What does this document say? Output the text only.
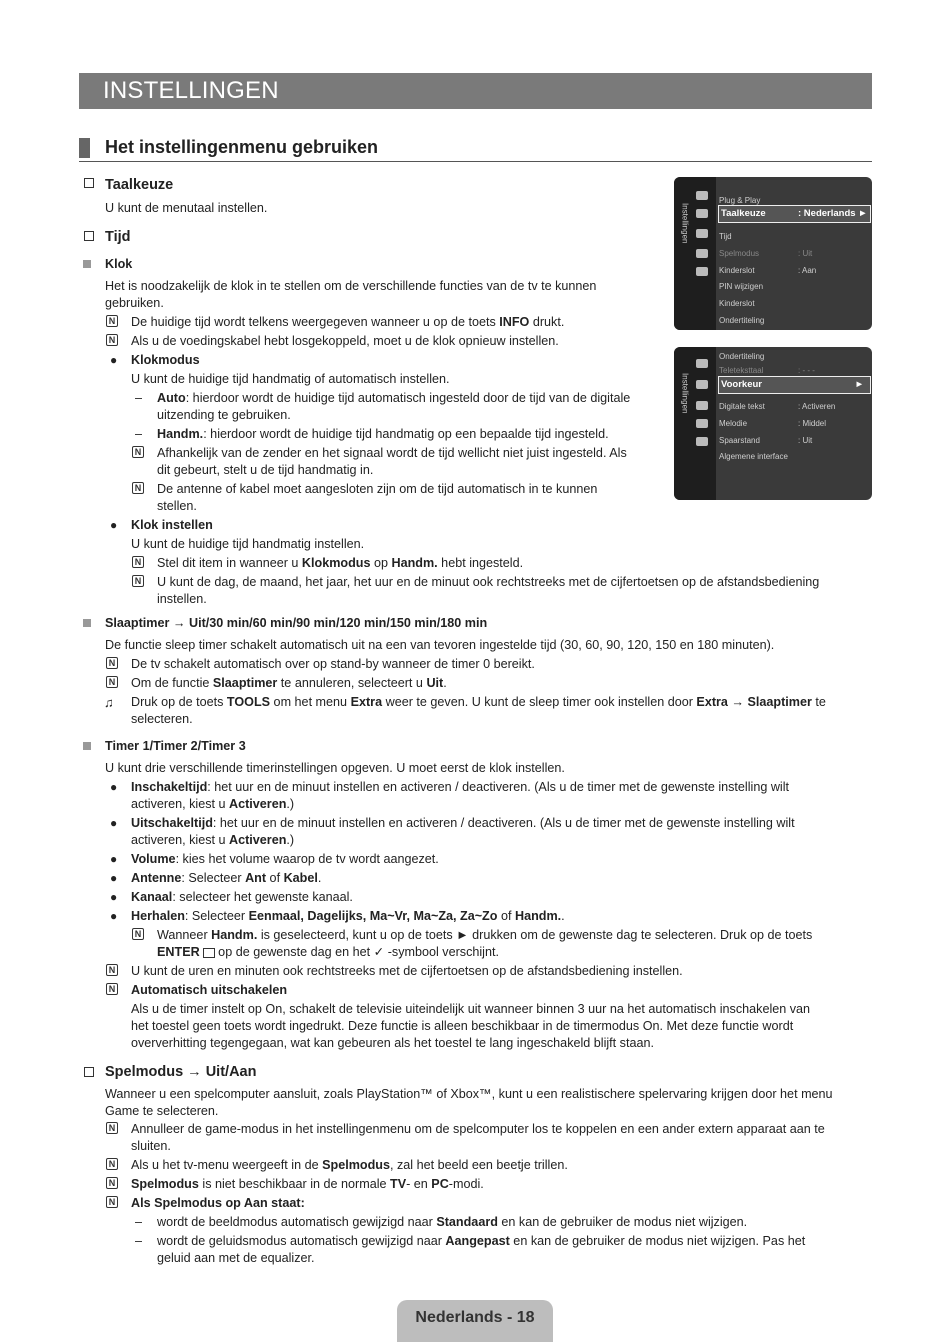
INSTELLINGEN
Het instellingenmenu gebruiken
Taalkeuze
U kunt de menutaal instellen.
Tijd
Klok
Het is noodzakelijk de klok in te stellen om de verschillende functies van de tv te kunnen
gebruiken.
N De huidige tijd wordt telkens weergegeven wanneer u op de toets INFO drukt.
N Als u de voedingskabel hebt losgekoppeld, moet u de klok opnieuw instellen.
● Klokmodus
U kunt de huidige tijd handmatig of automatisch instellen.
– Auto: hierdoor wordt de huidige tijd automatisch ingesteld door de tijd van de digitale
uitzending te gebruiken.
– Handm.: hierdoor wordt de huidige tijd handmatig op een bepaalde tijd ingesteld.
N Afhankelijk van de zender en het signaal wordt de tijd wellicht niet juist ingesteld. Als
dit gebeurt, stelt u de tijd handmatig in.
N De antenne of kabel moet aangesloten zijn om de tijd automatisch in te kunnen
stellen.
● Klok instellen
U kunt de huidige tijd handmatig instellen.
N Stel dit item in wanneer u Klokmodus op Handm. hebt ingesteld.
N U kunt de dag, de maand, het jaar, het uur en de minuut ook rechtstreeks met de cijfertoetsen op de afstandsbediening
instellen.
Slaaptimer → Uit/30 min/60 min/90 min/120 min/150 min/180 min
De functie sleep timer schakelt automatisch uit na een van tevoren ingestelde tijd (30, 60, 90, 120, 150 en 180 minuten).
N De tv schakelt automatisch over op stand-by wanneer de timer 0 bereikt.
N Om de functie Slaaptimer te annuleren, selecteert u Uit.
♫ Druk op de toets TOOLS om het menu Extra weer te geven. U kunt de sleep timer ook instellen door Extra → Slaaptimer te
selecteren.
Timer 1/Timer 2/Timer 3
U kunt drie verschillende timerinstellingen opgeven. U moet eerst de klok instellen.
● Inschakeltijd: het uur en de minuut instellen en activeren / deactiveren. (Als u de timer met de gewenste instelling wilt
activeren, kiest u Activeren.)
● Uitschakeltijd: het uur en de minuut instellen en activeren / deactiveren. (Als u de timer met de gewenste instelling wilt
activeren, kiest u Activeren.)
● Volume: kies het volume waarop de tv wordt aangezet.
● Antenne: Selecteer Ant of Kabel.
● Kanaal: selecteer het gewenste kanaal.
● Herhalen: Selecteer Eenmaal, Dagelijks, Ma~Vr, Ma~Za, Za~Zo of Handm..
N Wanneer Handm. is geselecteerd, kunt u op de toets ► drukken om de gewenste dag te selecteren. Druk op de toets
ENTER op de gewenste dag en het ✓ -symbool verschijnt.
N U kunt de uren en minuten ook rechtstreeks met de cijfertoetsen op de afstandsbediening instellen.
N Automatisch uitschakelen
Als u de timer instelt op On, schakelt de televisie uiteindelijk uit wanneer binnen 3 uur na het automatisch inschakelen van
het toestel geen toets wordt ingedrukt. Deze functie is alleen beschikbaar in de timermodus On. Met deze functie wordt
oververhitting tegengegaan, wat kan gebeuren als het toestel te lang ingeschakeld blijft staan.
Spelmodus → Uit/Aan
Wanneer u een spelcomputer aansluit, zoals PlayStation™ of Xbox™, kunt u een realistischere spelervaring krijgen door het menu
Game te selecteren.
N Annulleer de game-modus in het instellingenmenu om de spelcomputer los te koppelen en een ander extern apparaat aan te
sluiten.
N Als u het tv-menu weergeeft in de Spelmodus, zal het beeld een beetje trillen.
N Spelmodus is niet beschikbaar in de normale TV- en PC-modi.
N Als Spelmodus op Aan staat:
– wordt de beeldmodus automatisch gewijzigd naar Standaard en kan de gebruiker de modus niet wijzigen.
– wordt de geluidsmodus automatisch gewijzigd naar Aangepast en kan de gebruiker de modus niet wijzigen. Pas het
geluid aan met de equalizer.
Instellingen
Plug & Play
Taalkeuze	: Nederlands ►
Tijd
Spelmodus	: Uit
Kinderslot	: Aan
PIN wijzigen
Kinderslot
Ondertiteling
Instellingen
Ondertiteling
Teleteksttaal	: - - -
Voorkeur	►
Digitale tekst	: Activeren
Melodie	: Middel
Spaarstand	: Uit
Algemene interface
Nederlands - 18
